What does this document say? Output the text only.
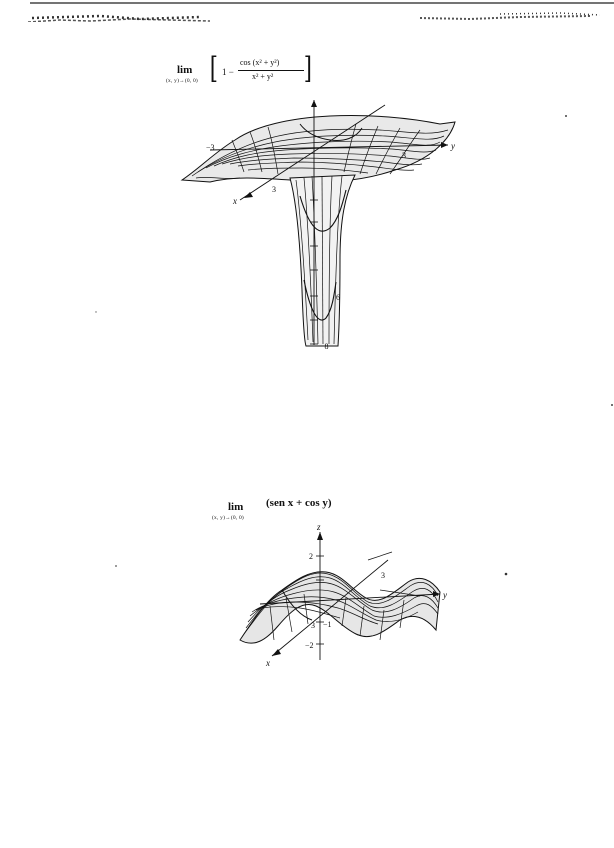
lim
(x, y)→(0, 0) [ 1 −
cos (x² + y²)
x² + y² ]
y
x
−3
3
3
6
−8
lim
(x, y)→(0, 0)
(sen x + cos y)
z
y
x
2
3
3 −1
−2
